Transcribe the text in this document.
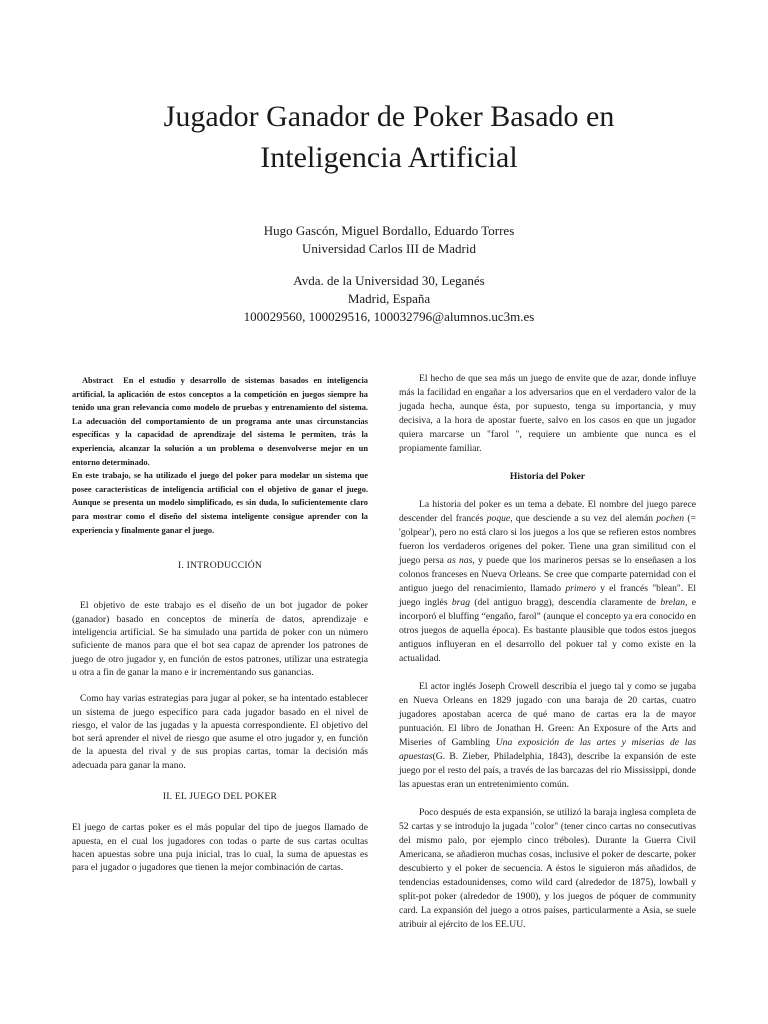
Jugador Ganador de Poker Basado en
Inteligencia Artificial
Hugo Gascón, Miguel Bordallo, Eduardo Torres
Universidad Carlos III de Madrid
Avda. de la Universidad 30, Leganés
Madrid, España
100029560, 100029516, 100032796@alumnos.uc3m.es

Abstract En el estudio y desarrollo de sistemas basados en inteligencia artificial, la aplicación de estos conceptos a la competición en juegos siempre ha tenido una gran relevancia como modelo de pruebas y entrenamiento del sistema. La adecuación del comportamiento de un programa ante unas circunstancias específicas y la capacidad de aprendizaje del sistema le permiten, trás la experiencia, alcanzar la solución a un problema o desenvolverse mejor en un entorno determinado.

En este trabajo, se ha utilizado el juego del poker para modelar un sistema que posee características de inteligencia artificial con el objetivo de ganar el juego. Aunque se presenta un modelo simplificado, es sin duda, lo suficientemente claro para mostrar como el diseño del sistema inteligente consigue aprender con la experiencia y finalmente ganar el juego.

I. INTRODUCCIÓN

El objetivo de este trabajo es el diseño de un bot jugador de poker (ganador) basado en conceptos de minería de datos, aprendizaje e inteligencia artificial. Se ha simulado una partida de poker con un número suficiente de manos para que el bot sea capaz de aprender los patrones de juego de otro jugador y, en función de estos patrones, utilizar una estrategia u otra a fin de ganar la mano e ir incrementando sus ganancias.

Como hay varias estrategias para jugar al poker, se ha intentado establecer un sistema de juego específico para cada jugador basado en el nivel de riesgo, el valor de las jugadas y la apuesta correspondiente. El objetivo del bot será aprender el nivel de riesgo que asume el otro jugador y, en función de la apuesta del rival y de sus propias cartas, tomar la decisión más adecuada para ganar la mano.

II. EL JUEGO DEL POKER

El juego de cartas poker es el más popular del tipo de juegos llamado de apuesta, en el cual los jugadores con todas o parte de sus cartas ocultas hacen apuestas sobre una puja inicial, tras lo cual, la suma de apuestas es para el jugador o jugadores que tienen la mejor combinación de cartas.

El hecho de que sea más un juego de envite que de azar, donde influye más la facilidad en engañar a los adversarios que en el verdadero valor de la jugada hecha, aunque ésta, por supuesto, tenga su importancia, y muy decisiva, a la hora de apostar fuerte, salvo en los casos en que un jugador quiera marcarse un "farol ", requiere un ambiente que nunca es el propiamente familiar.

Historia del Poker

La historia del poker es un tema a debate. El nombre del juego parece descender del francés poque, que desciende a su vez del alemán pochen (= 'golpear'), pero no está claro si los juegos a los que se refieren estos nombres fueron los verdaderos orígenes del poker. Tiene una gran similitud con el juego persa as nas, y puede que los marineros persas se lo enseñasen a los colonos franceses en Nueva Orleans. Se cree que comparte paternidad con el antiguo juego del renacimiento, llamado primero y el francés "blean". El juego inglés brag (del antiguo bragg), descendía claramente de brelan, e incorporó el bluffing “engaño, farol” (aunque el concepto ya era conocido en otros juegos de aquella época). Es bastante plausible que todos estos juegos antiguos influyeran en el desarrollo del pokuer tal y como existe en la actualidad.

El actor inglés Joseph Crowell describía el juego tal y como se jugaba en Nueva Orleans en 1829 jugado con una baraja de 20 cartas, cuatro jugadores apostaban acerca de qué mano de cartas era la de mayor puntuación. El libro de Jonathan H. Green: An Exposure of the Arts and Miseries of Gambling Una exposición de las artes y miserias de las apuestas(G. B. Zieber, Philadelphia, 1843), describe la expansión de este juego por el resto del país, a través de las barcazas del río Mississippi, donde las apuestas eran un entretenimiento común.

Poco después de esta expansión, se utilizó la baraja inglesa completa de 52 cartas y se introdujo la jugada "color" (tener cinco cartas no consecutivas del mismo palo, por ejemplo cinco tréboles). Durante la Guerra Civil Americana, se añadieron muchas cosas, inclusive el poker de descarte, poker descubierto y el poker de secuencia. A éstos le siguieron más añadidos, de tendencias estadounidenses, como wild card (alrededor de 1875), lowball y split-pot poker (alrededor de 1900), y los juegos de póquer de community card. La expansión del juego a otros países, particularmente a Asia, se suele atribuir al ejército de los EE.UU.
